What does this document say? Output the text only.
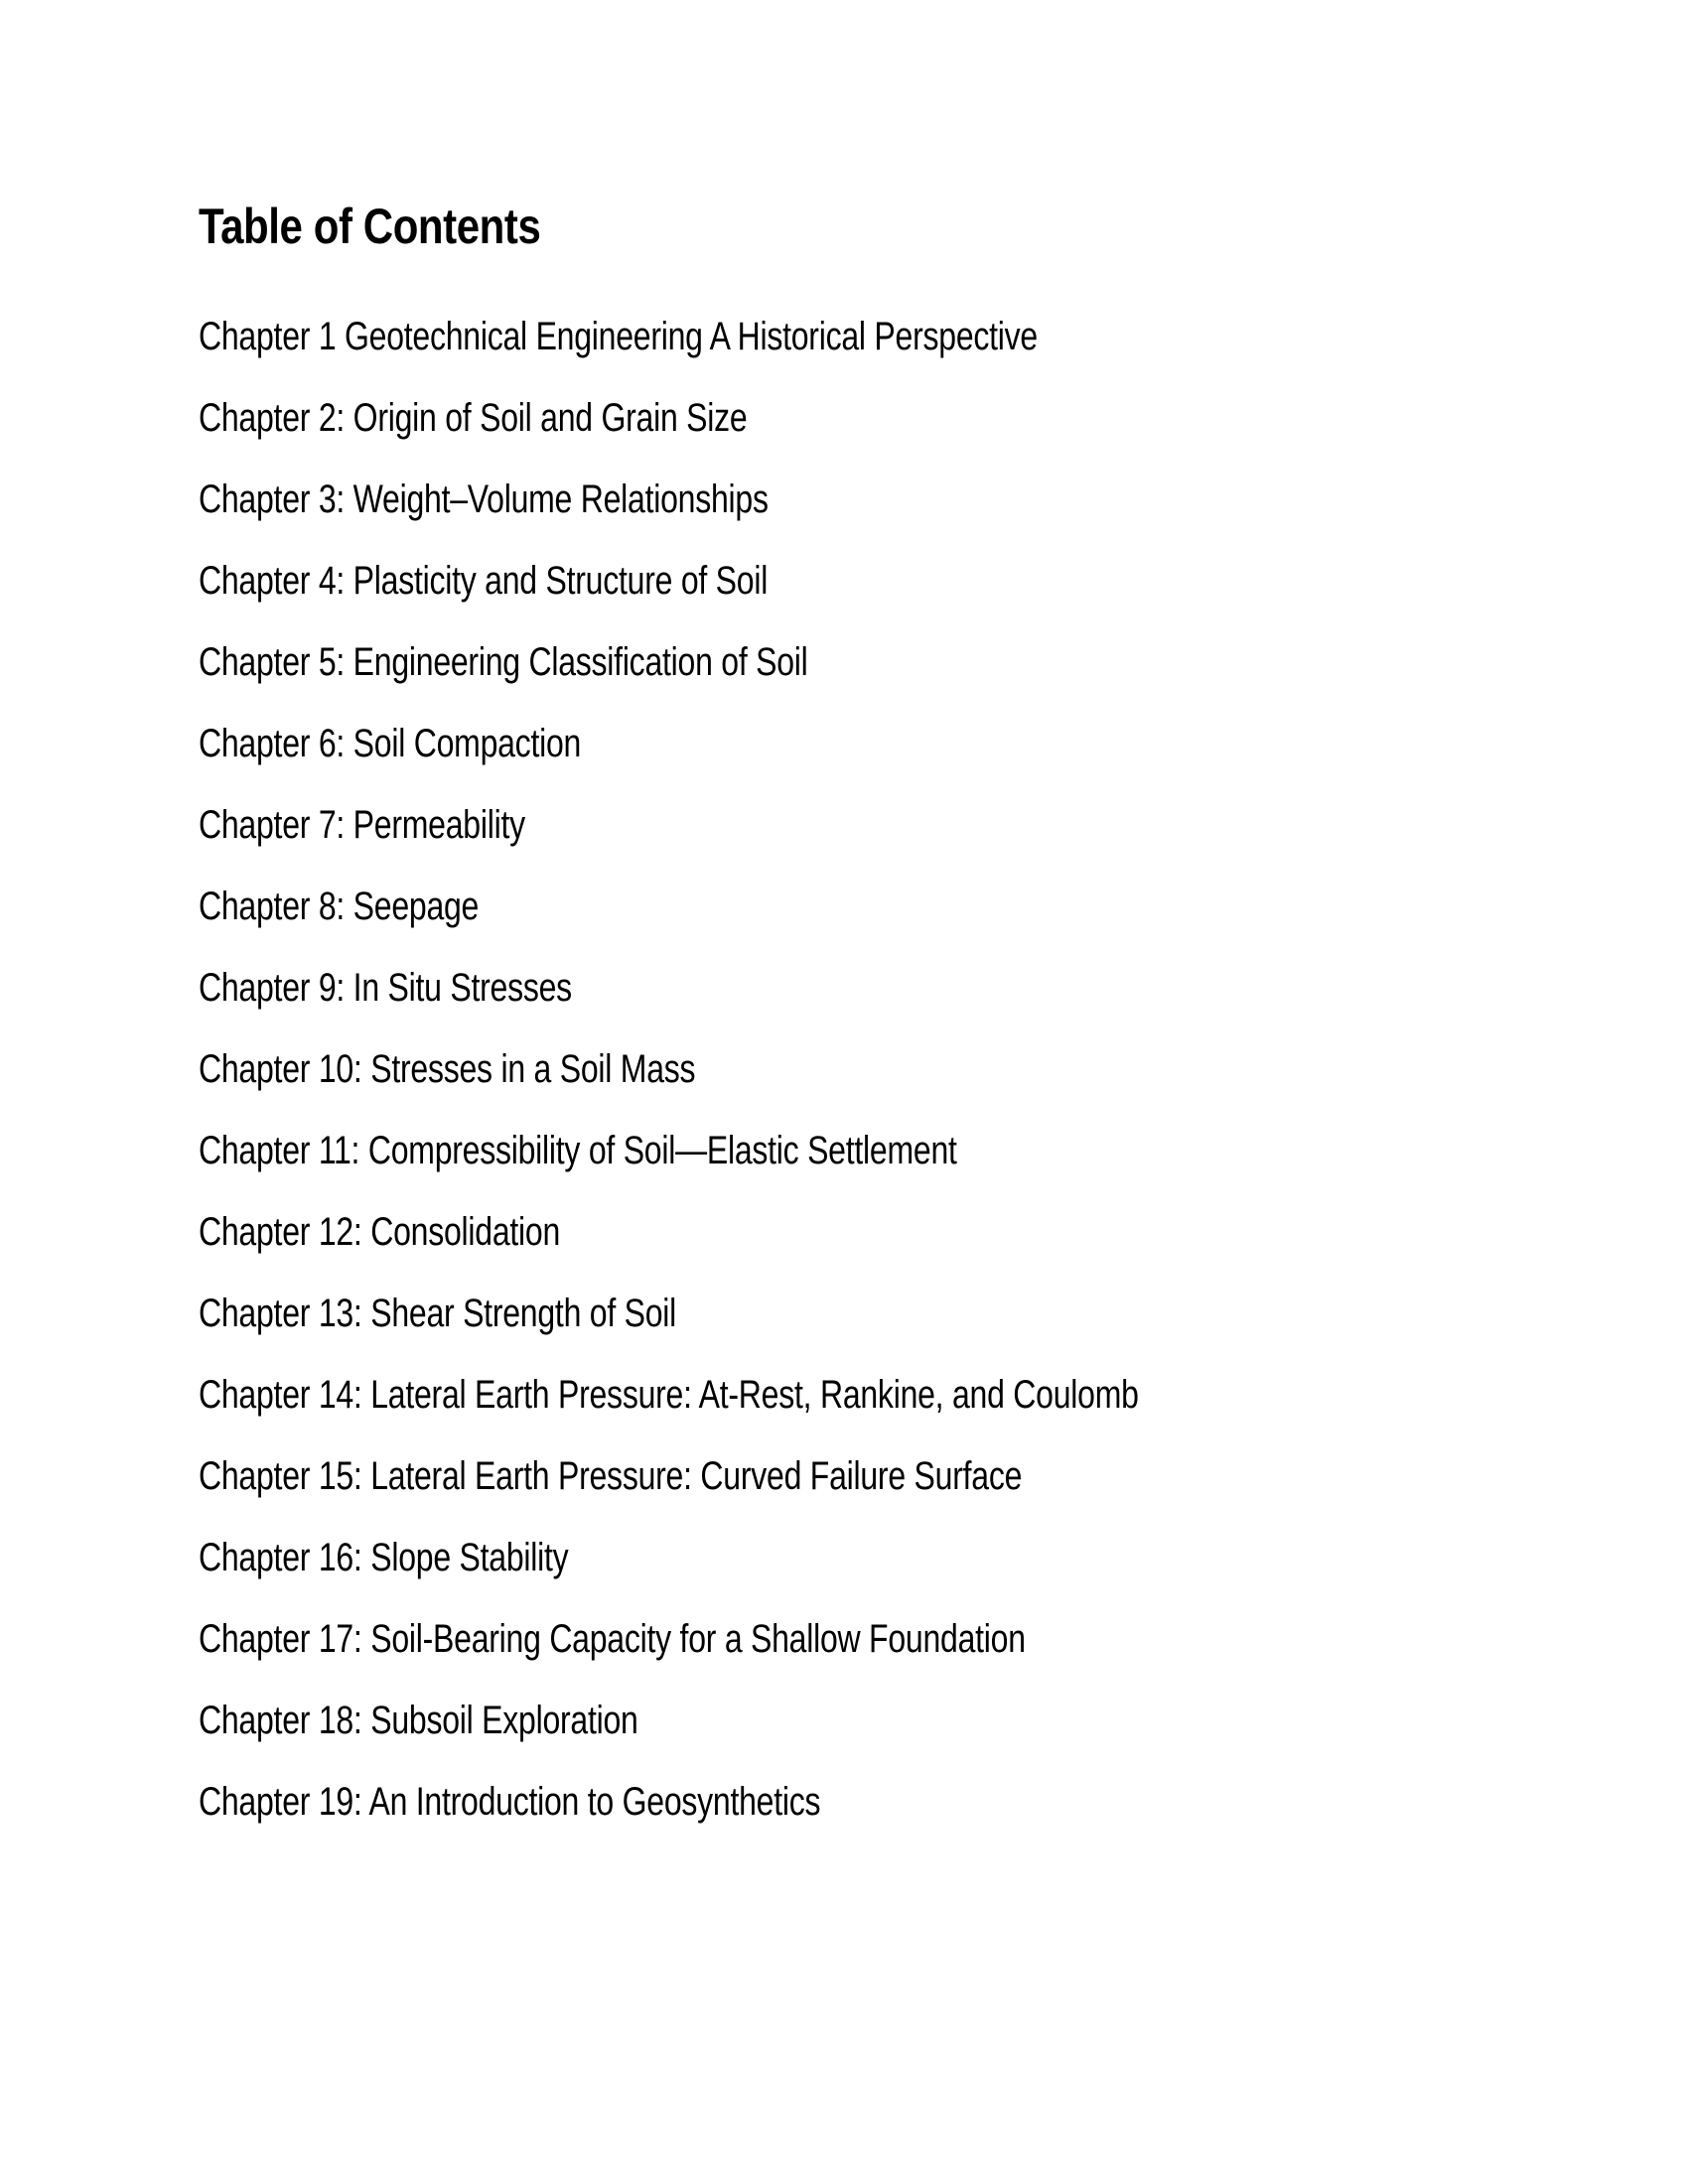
Table of Contents
Chapter 1 Geotechnical Engineering A Historical Perspective
Chapter 2: Origin of Soil and Grain Size
Chapter 3: Weight–Volume Relationships
Chapter 4: Plasticity and Structure of Soil
Chapter 5: Engineering Classification of Soil
Chapter 6: Soil Compaction
Chapter 7: Permeability
Chapter 8: Seepage
Chapter 9: In Situ Stresses
Chapter 10: Stresses in a Soil Mass
Chapter 11: Compressibility of Soil—Elastic Settlement
Chapter 12: Consolidation
Chapter 13: Shear Strength of Soil
Chapter 14: Lateral Earth Pressure: At-Rest, Rankine, and Coulomb
Chapter 15: Lateral Earth Pressure: Curved Failure Surface
Chapter 16: Slope Stability
Chapter 17: Soil-Bearing Capacity for a Shallow Foundation
Chapter 18: Subsoil Exploration
Chapter 19: An Introduction to Geosynthetics
